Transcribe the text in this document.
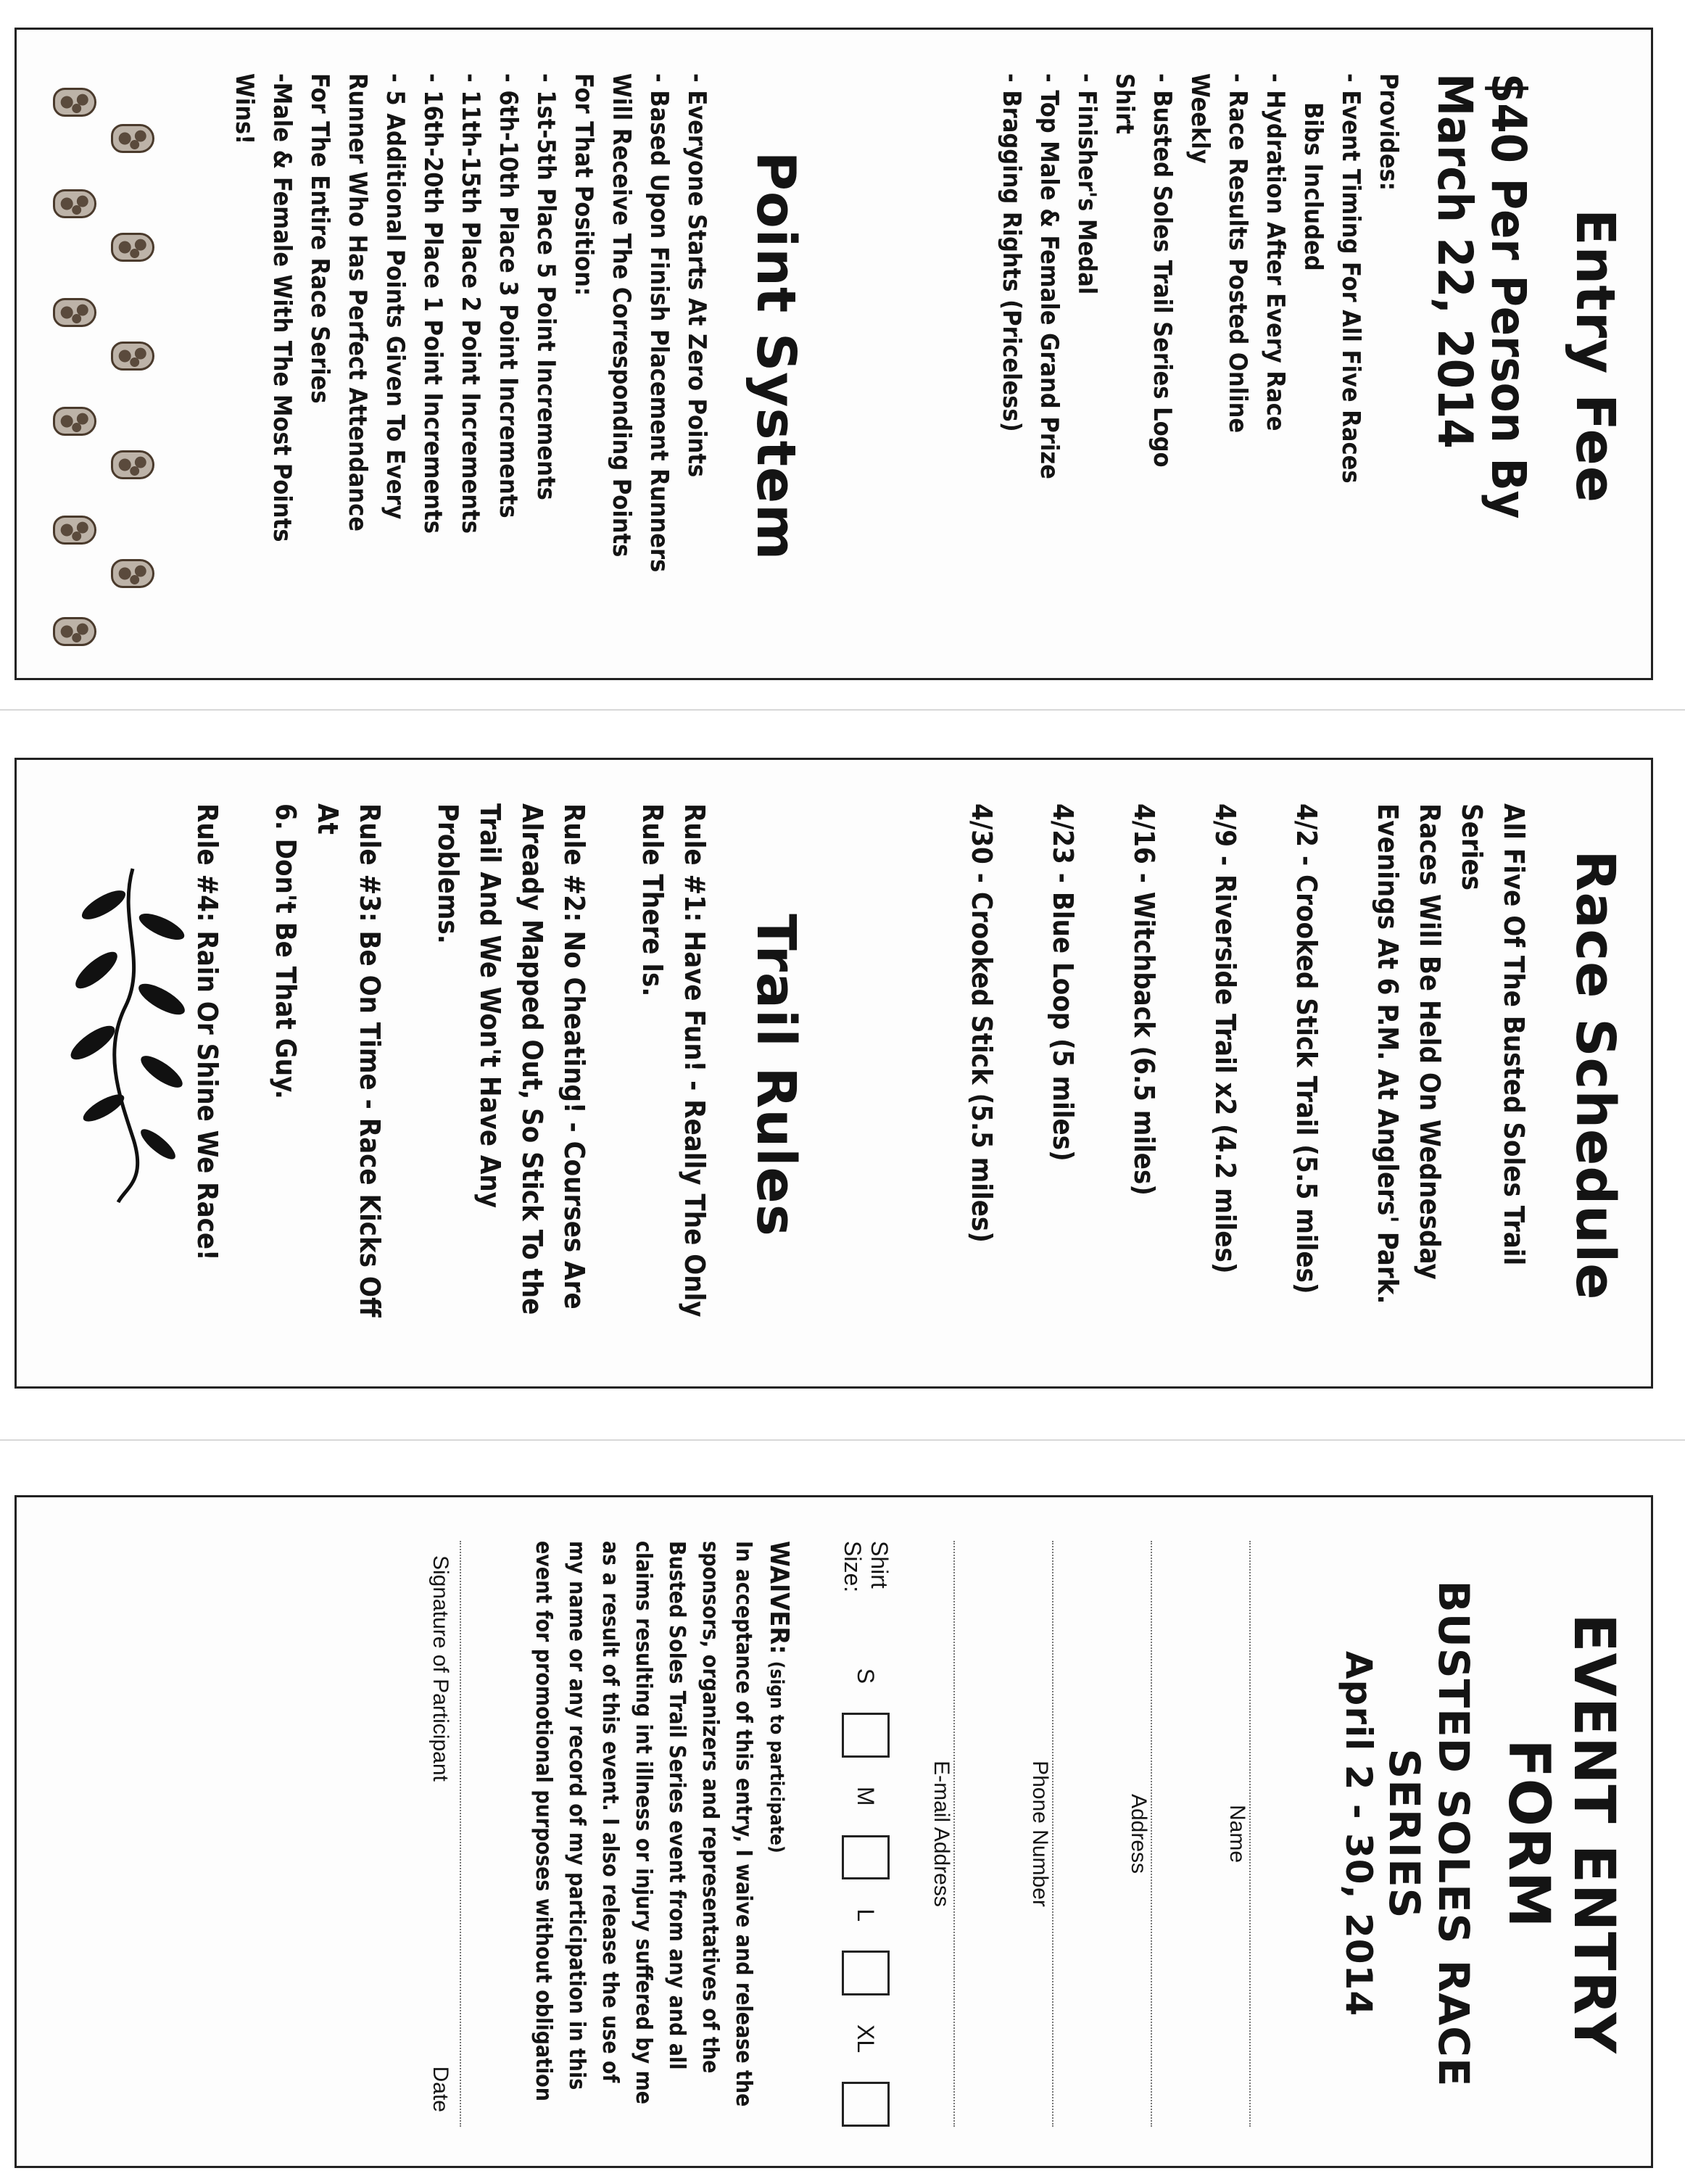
Entry Fee
$40 Per Person By
March 22, 2014
Provides:
- Event Timing For All Five Races
Bibs Included
- Hydration After Every Race
- Race Results Posted Online
Weekly
- Busted Soles Trail Series Logo
Shirt
- Finisher's Medal
- Top Male & Female Grand Prize
- Bragging Rights (Priceless)
Point System
- Everyone Starts At Zero Points
- Based Upon Finish Placement Runners
Will Receive The Corresponding Points
For That Position:
- 1st-5th Place 5 Point Increments
- 6th-10th Place 3 Point Increments
- 11th-15th Place 2 Point Increments
- 16th-20th Place 1 Point Increments
- 5 Additional Points Given To Every
Runner Who Has Perfect Attendance
For The Entire Race Series
-Male & Female With The Most Points
Wins!
Race Schedule
All Five Of The Busted Soles Trail Series
Races Will Be Held On Wednesday
Evenings At 6 P.M. At Anglers' Park.
4/2 - Crooked Stick Trail (5.5 miles)
4/9 - Riverside Trail x2 (4.2 miles)
4/16 - Witchback (6.5 miles)
4/23 - Blue Loop (5 miles)
4/30 - Crooked Stick (5.5 miles)
Trail Rules
Rule #1: Have Fun! - Really The Only
Rule There Is.
Rule #2: No Cheating! - Courses Are
Already Mapped Out, So Stick To the
Trail And We Won't Have Any Problems.
Rule #3: Be On Time - Race Kicks Off At
6. Don't Be That Guy.
Rule #4: Rain Or Shine We Race!
EVENT ENTRY FORM
BUSTED SOLES RACE SERIES
April 2 - 30, 2014
Name
Address
Phone Number
E-mail Address
Shirt Size:
S
M
L
XL
WAIVER: (sign to participate)
In acceptance of this entry, I waive and release the
sponsors, organizers and representatives of the
Busted Soles Trail Series event from any and all
claims resulting int illness or injury suffered by me
as a result of this event. I also release the use of
my name or any record of my participation in this
event for promotional purposes without obligation
Signature of Participant
Date
